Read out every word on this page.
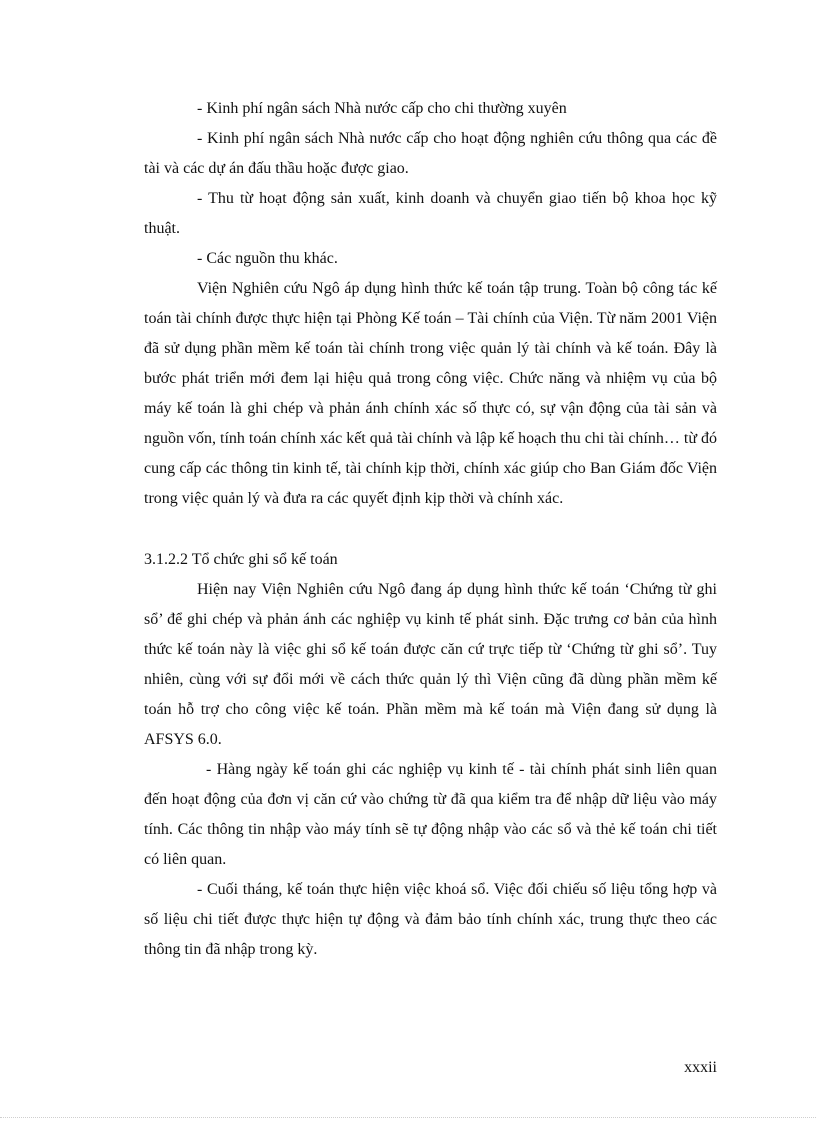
- Kinh phí ngân sách Nhà nước cấp cho chi thường xuyên

- Kinh phí ngân sách Nhà nước cấp cho hoạt động nghiên cứu thông qua các đề tài và các dự án đấu thầu hoặc được giao.

- Thu từ hoạt động sản xuất, kinh doanh và chuyển giao tiến bộ khoa học kỹ thuật.

- Các nguồn thu khác.

Viện Nghiên cứu Ngô áp dụng hình thức kế toán tập trung. Toàn bộ công tác kế toán tài chính được thực hiện tại Phòng Kế toán – Tài chính của Viện. Từ năm 2001 Viện đã sử dụng phần mềm kế toán tài chính trong việc quản lý tài chính và kế toán. Đây là bước phát triển mới đem lại hiệu quả trong công việc. Chức năng và nhiệm vụ của bộ máy kế toán là ghi chép và phản ánh chính xác số thực có, sự vận động của tài sản và nguồn vốn, tính toán chính xác kết quả tài chính và lập kế hoạch thu chi tài chính… từ đó cung cấp các thông tin kinh tế, tài chính kịp thời, chính xác giúp cho Ban Giám đốc Viện trong việc quản lý và đưa ra các quyết định kịp thời và chính xác.

3.1.2.2 Tổ chức ghi sổ kế toán

Hiện nay Viện Nghiên cứu Ngô đang áp dụng hình thức kế toán ‘Chứng từ ghi sổ’ để ghi chép và phản ánh các nghiệp vụ kinh tế phát sinh. Đặc trưng cơ bản của hình thức kế toán này là việc ghi sổ kế toán được căn cứ trực tiếp từ ‘Chứng từ ghi sổ’. Tuy nhiên, cùng với sự đổi mới về cách thức quản lý thì Viện cũng đã dùng phần mềm kế toán hỗ trợ cho công việc kế toán. Phần mềm mà kế toán mà Viện đang sử dụng là AFSYS 6.0.

- Hàng ngày kế toán ghi các nghiệp vụ kinh tế - tài chính phát sinh liên quan đến hoạt động của đơn vị căn cứ vào chứng từ đã qua kiểm tra để nhập dữ liệu vào máy tính. Các thông tin nhập vào máy tính sẽ tự động nhập vào các sổ và thẻ kế toán chi tiết có liên quan.

- Cuối tháng, kế toán thực hiện việc khoá sổ. Việc đối chiếu số liệu tổng hợp và số liệu chi tiết được thực hiện tự động và đảm bảo tính chính xác, trung thực theo các thông tin đã nhập trong kỳ.

xxxii
